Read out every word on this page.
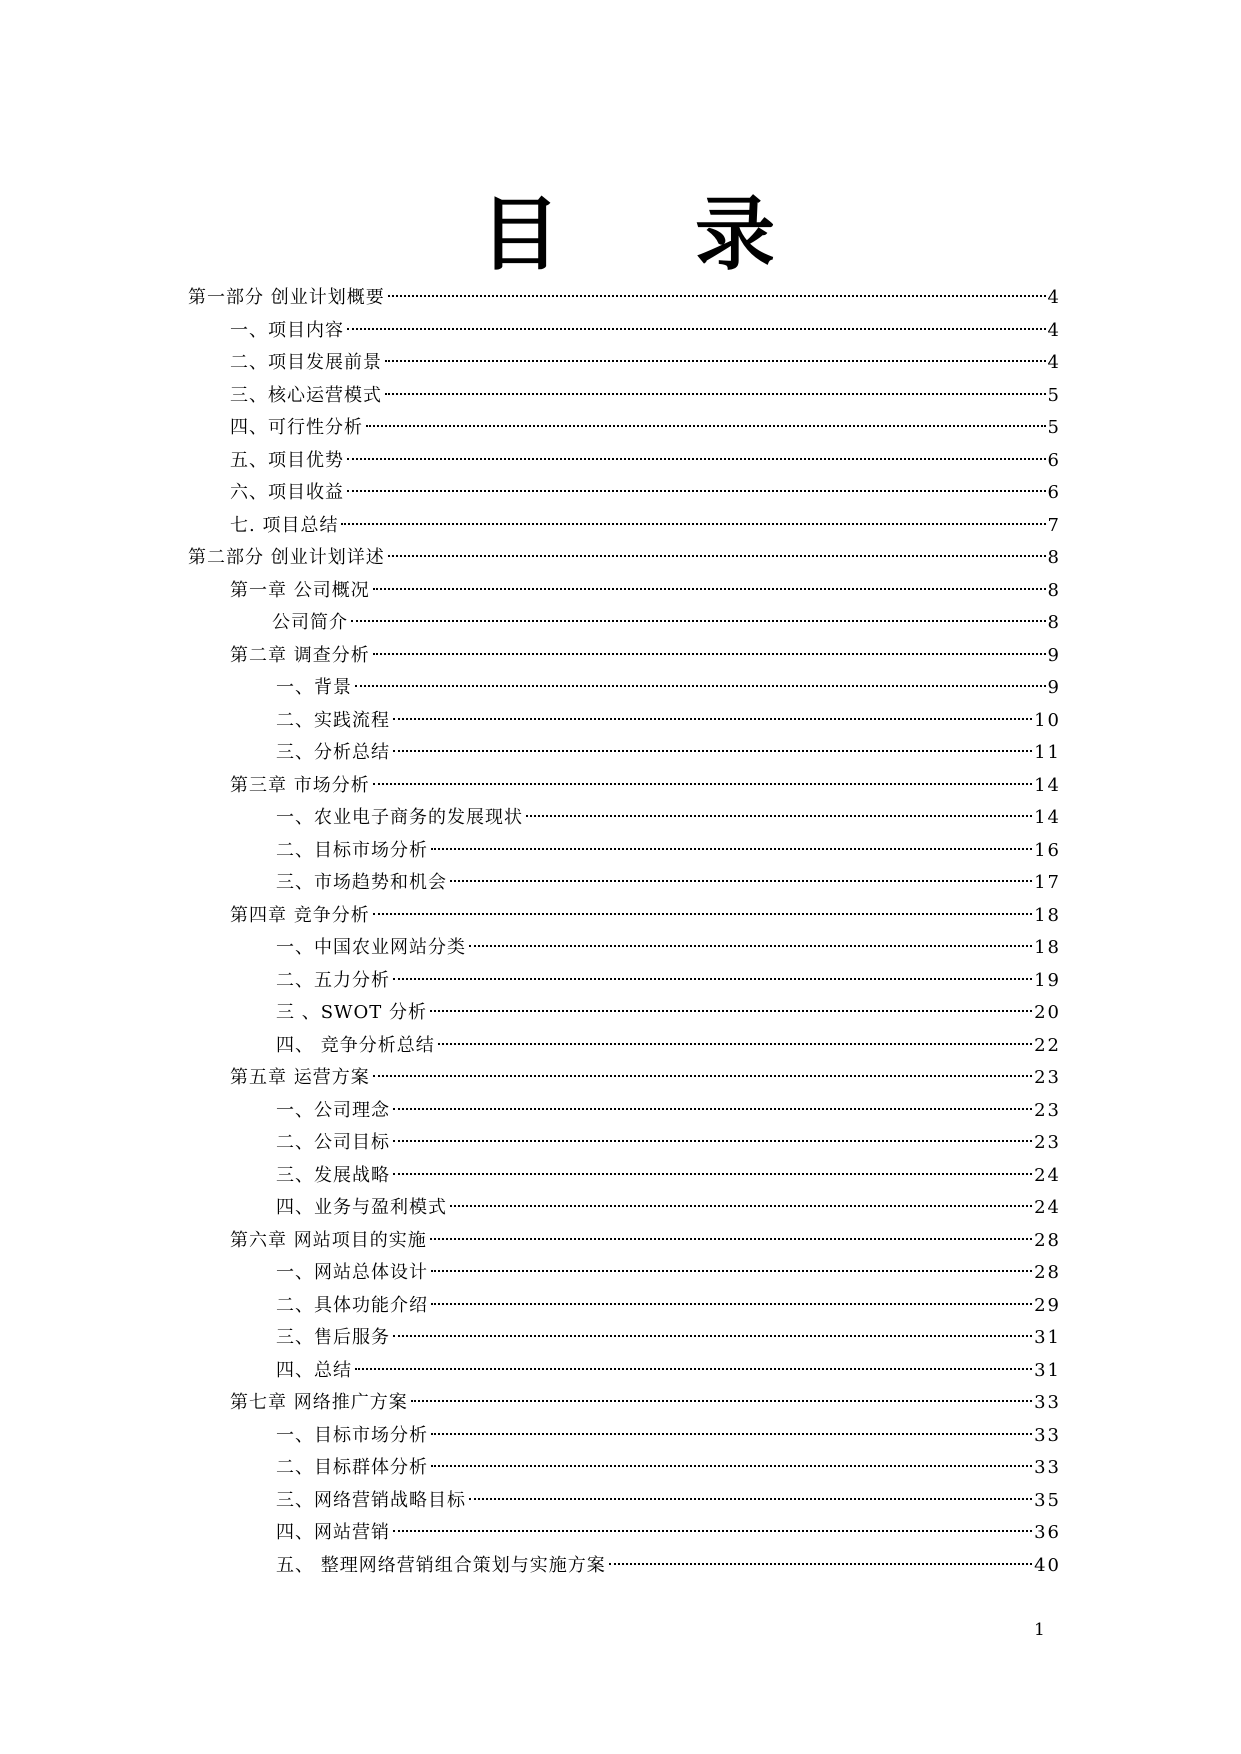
目 录
第一部分 创业计划概要	4
一、项目内容	4
二、项目发展前景	4
三、核心运营模式	5
四、可行性分析	5
五、项目优势	6
六、项目收益	6
七. 项目总结	7
第二部分 创业计划详述	8
第一章 公司概况	8
公司简介	8
第二章 调查分析	9
一、背景	9
二、实践流程	10
三、分析总结	11
第三章 市场分析	14
一、农业电子商务的发展现状	14
二、目标市场分析	16
三、市场趋势和机会	17
第四章 竞争分析	18
一、中国农业网站分类	18
二、五力分析	19
三 、SWOT 分析	20
四、 竞争分析总结	22
第五章 运营方案	23
一、公司理念	23
二、公司目标	23
三、发展战略	24
四、业务与盈利模式	24
第六章 网站项目的实施	28
一、网站总体设计	28
二、具体功能介绍	29
三、售后服务	31
四、总结	31
第七章 网络推广方案	33
一、目标市场分析	33
二、目标群体分析	33
三、网络营销战略目标	35
四、网站营销	36
五、 整理网络营销组合策划与实施方案	40
1
